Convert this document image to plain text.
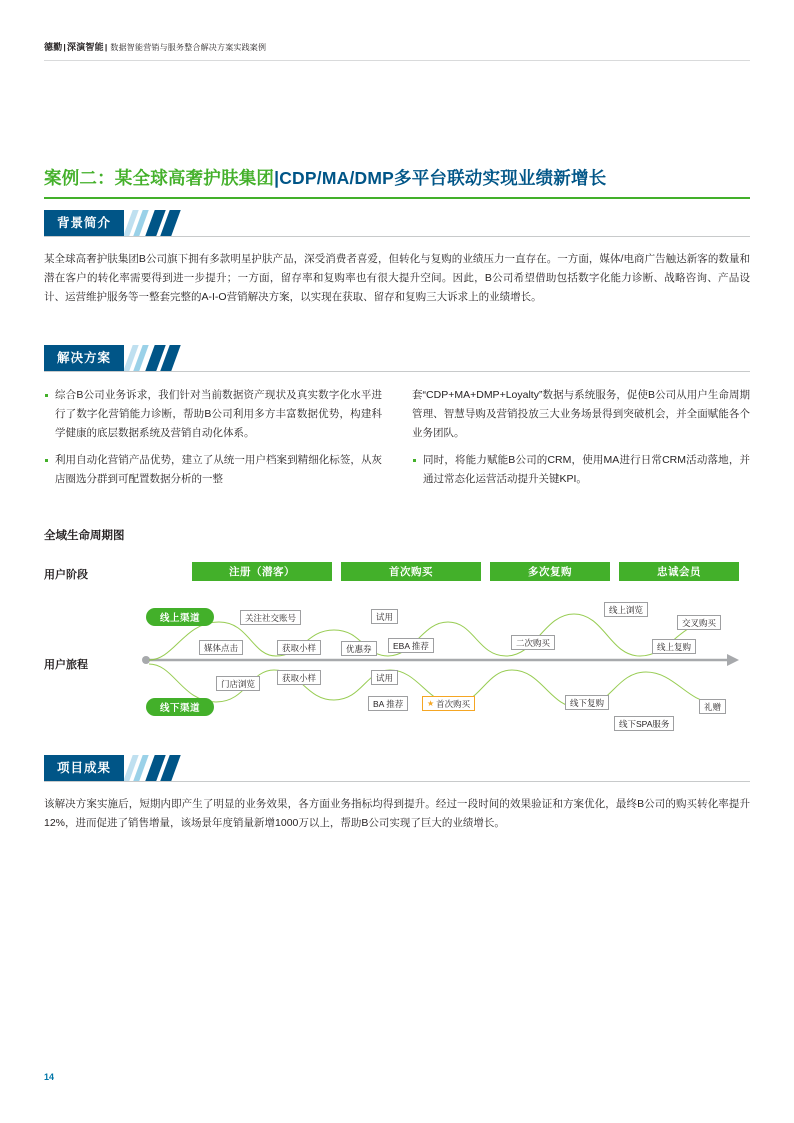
德勤 | 深演智能 | 数据智能营销与服务整合解决方案实践案例
案例二：某全球高奢护肤集团|CDP/MA/DMP多平台联动实现业绩新增长
背景简介
某全球高奢护肤集团B公司旗下拥有多款明星护肤产品，深受消费者喜爱，但转化与复购的业绩压力一直存在。一方面，媒体/电商广告触达新客的数量和潜在客户的转化率需要得到进一步提升；一方面，留存率和复购率也有很大提升空间。因此，B公司希望借助包括数字化能力诊断、战略咨询、产品设计、运营维护服务等一整套完整的A-I-O营销解决方案，以实现在获取、留存和复购三大诉求上的业绩增长。
解决方案
综合B公司业务诉求，我们针对当前数据资产现状及真实数字化水平进行了数字化营销能力诊断，帮助B公司利用多方丰富数据优势，构建科学健康的底层数据系统及营销自动化体系。
利用自动化营销产品优势，建立了从统一用户档案到精细化标签，从灰店圈选分群到可配置数据分析的一整
套“CDP+MA+DMP+Loyalty”数据与系统服务，促使B公司从用户生命周期管理、智慧导购及营销投放三大业务场景得到突破机会，并全面赋能各个业务团队。
同时，将能力赋能B公司的CRM，使用MA进行日常CRM活动落地，并通过常态化运营活动提升关键KPI。
全域生命周期图
用户阶段
用户旅程
注册（潜客）	首次购买	多次复购	忠诚会员
线上渠道
线下渠道
关注社交账号	试用
线上浏览
交叉购买
媒体点击	获取小样	优惠券	EBA 推荐	二次购买	线上复购
门店浏览
获取小样	试用
BA 推荐	★ 首次购买	线下复购	礼赠
线下SPA服务
项目成果
该解决方案实施后，短期内即产生了明显的业务效果，各方面业务指标均得到提升。经过一段时间的效果验证和方案优化，最终B公司的购买转化率提升12%，进而促进了销售增量，该场景年度销量新增1000万以上，帮助B公司实现了巨大的业绩增长。
14
